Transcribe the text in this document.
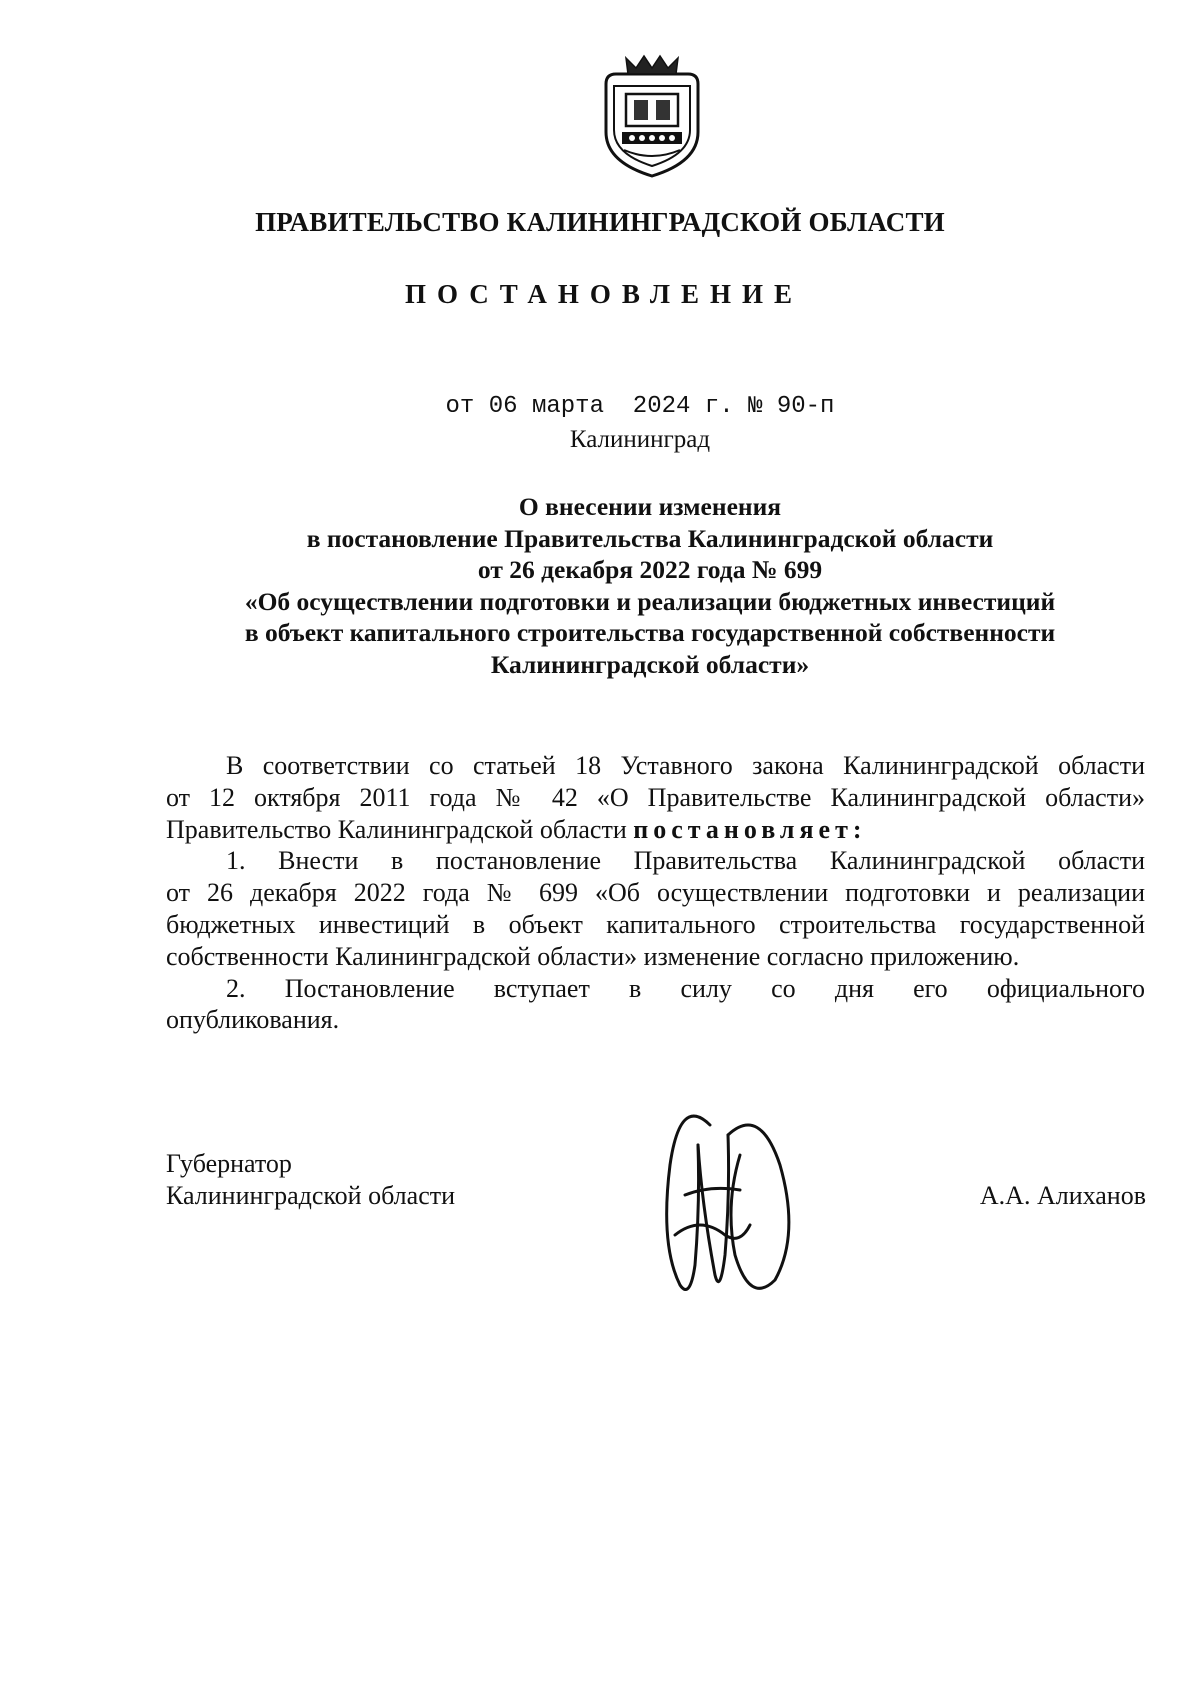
ПРАВИТЕЛЬСТВО КАЛИНИНГРАДСКОЙ ОБЛАСТИ
ПОСТАНОВЛЕНИЕ
от 06 марта 2024 г. № 90-п
Калининград
О внесении изменения
в постановление Правительства Калининградской области
от 26 декабря 2022 года № 699
«Об осуществлении подготовки и реализации бюджетных инвестиций
в объект капитального строительства государственной собственности
Калининградской области»
В соответствии со статьей 18 Уставного закона Калининградской области
от 12 октября 2011 года № 42 «О Правительстве Калининградской области»
Правительство Калининградской области постановляет:
1. Внести в постановление Правительства Калининградской области
от 26 декабря 2022 года № 699 «Об осуществлении подготовки и реализации
бюджетных инвестиций в объект капитального строительства государственной
собственности Калининградской области» изменение согласно приложению.
2. Постановление вступает в силу со дня его официального
опубликования.
Губернатор
Калининградской области	А.А. Алиханов
